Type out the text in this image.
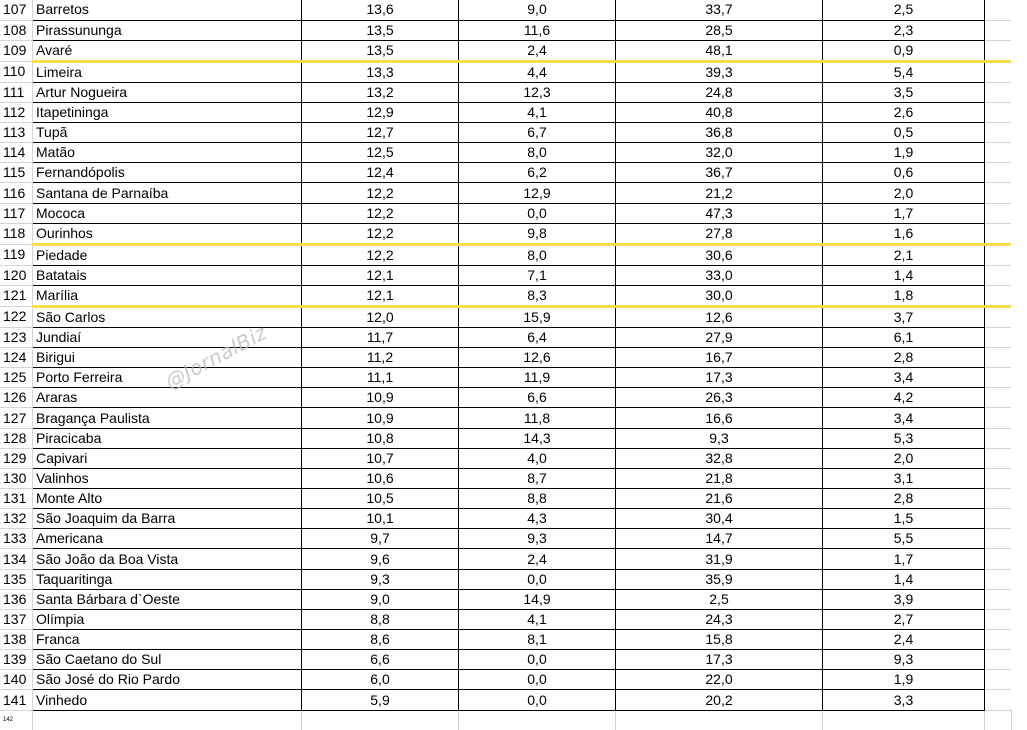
107	Barretos	13,6	9,0	33,7	2,5	
108	Pirassununga	13,5	11,6	28,5	2,3	
109	Avaré	13,5	2,4	48,1	0,9	
110	Limeira	13,3	4,4	39,3	5,4	
111	Artur Nogueira	13,2	12,3	24,8	3,5	
112	Itapetininga	12,9	4,1	40,8	2,6	
113	Tupã	12,7	6,7	36,8	0,5	
114	Matão	12,5	8,0	32,0	1,9	
115	Fernandópolis	12,4	6,2	36,7	0,6	
116	Santana de Parnaíba	12,2	12,9	21,2	2,0	
117	Mococa	12,2	0,0	47,3	1,7	
118	Ourinhos	12,2	9,8	27,8	1,6	
119	Piedade	12,2	8,0	30,6	2,1	
120	Batatais	12,1	7,1	33,0	1,4	
121	Marília	12,1	8,3	30,0	1,8	
122	São Carlos	12,0	15,9	12,6	3,7	
123	Jundiaí	11,7	6,4	27,9	6,1	
124	Birigui	11,2	12,6	16,7	2,8	
125	Porto Ferreira	11,1	11,9	17,3	3,4	
126	Araras	10,9	6,6	26,3	4,2	
127	Bragança Paulista	10,9	11,8	16,6	3,4	
128	Piracicaba	10,8	14,3	9,3	5,3	
129	Capivari	10,7	4,0	32,8	2,0	
130	Valinhos	10,6	8,7	21,8	3,1	
131	Monte Alto	10,5	8,8	21,6	2,8	
132	São Joaquim da Barra	10,1	4,3	30,4	1,5	
133	Americana	9,7	9,3	14,7	5,5	
134	São João da Boa Vista	9,6	2,4	31,9	1,7	
135	Taquaritinga	9,3	0,0	35,9	1,4	
136	Santa Bárbara d`Oeste	9,0	14,9	2,5	3,9	
137	Olímpia	8,8	4,1	24,3	2,7	
138	Franca	8,6	8,1	15,8	2,4	
139	São Caetano do Sul	6,6	0,0	17,3	9,3	
140	São José do Rio Pardo	6,0	0,0	22,0	1,9	
141	Vinhedo	5,9	0,0	20,2	3,3	
142						
@JornalBiz
